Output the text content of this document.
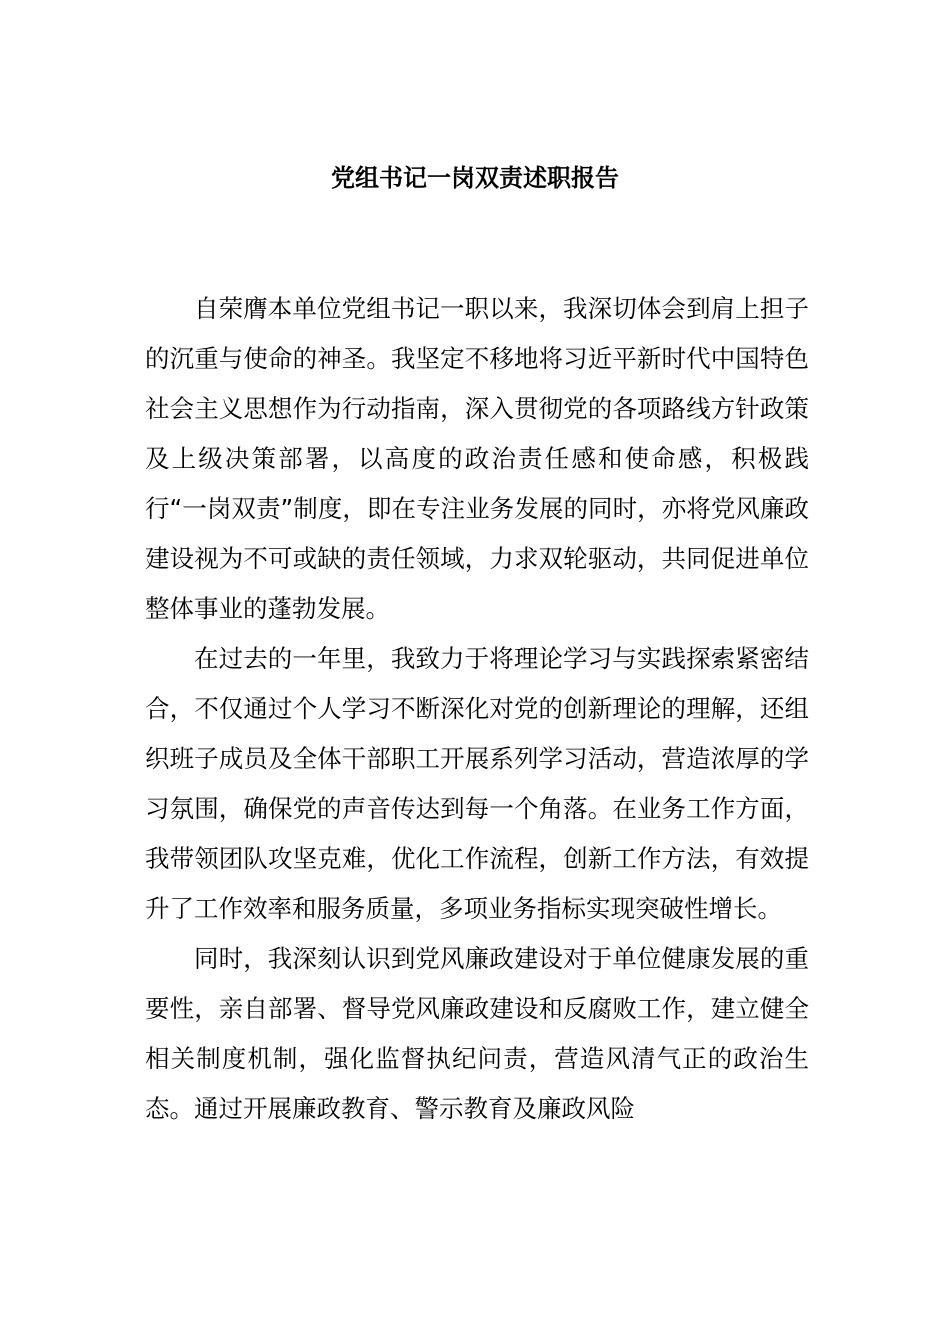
党组书记一岗双责述职报告

自荣膺本单位党组书记一职以来，我深切体会到肩上担子的沉重与使命的神圣。我坚定不移地将习近平新时代中国特色社会主义思想作为行动指南，深入贯彻党的各项路线方针政策及上级决策部署，以高度的政治责任感和使命感，积极践行“一岗双责”制度，即在专注业务发展的同时，亦将党风廉政建设视为不可或缺的责任领域，力求双轮驱动，共同促进单位整体事业的蓬勃发展。

在过去的一年里，我致力于将理论学习与实践探索紧密结合，不仅通过个人学习不断深化对党的创新理论的理解，还组织班子成员及全体干部职工开展系列学习活动，营造浓厚的学习氛围，确保党的声音传达到每一个角落。在业务工作方面，我带领团队攻坚克难，优化工作流程，创新工作方法，有效提升了工作效率和服务质量，多项业务指标实现突破性增长。

同时，我深刻认识到党风廉政建设对于单位健康发展的重要性，亲自部署、督导党风廉政建设和反腐败工作，建立健全相关制度机制，强化监督执纪问责，营造风清气正的政治生态。通过开展廉政教育、警示教育及廉政风险
